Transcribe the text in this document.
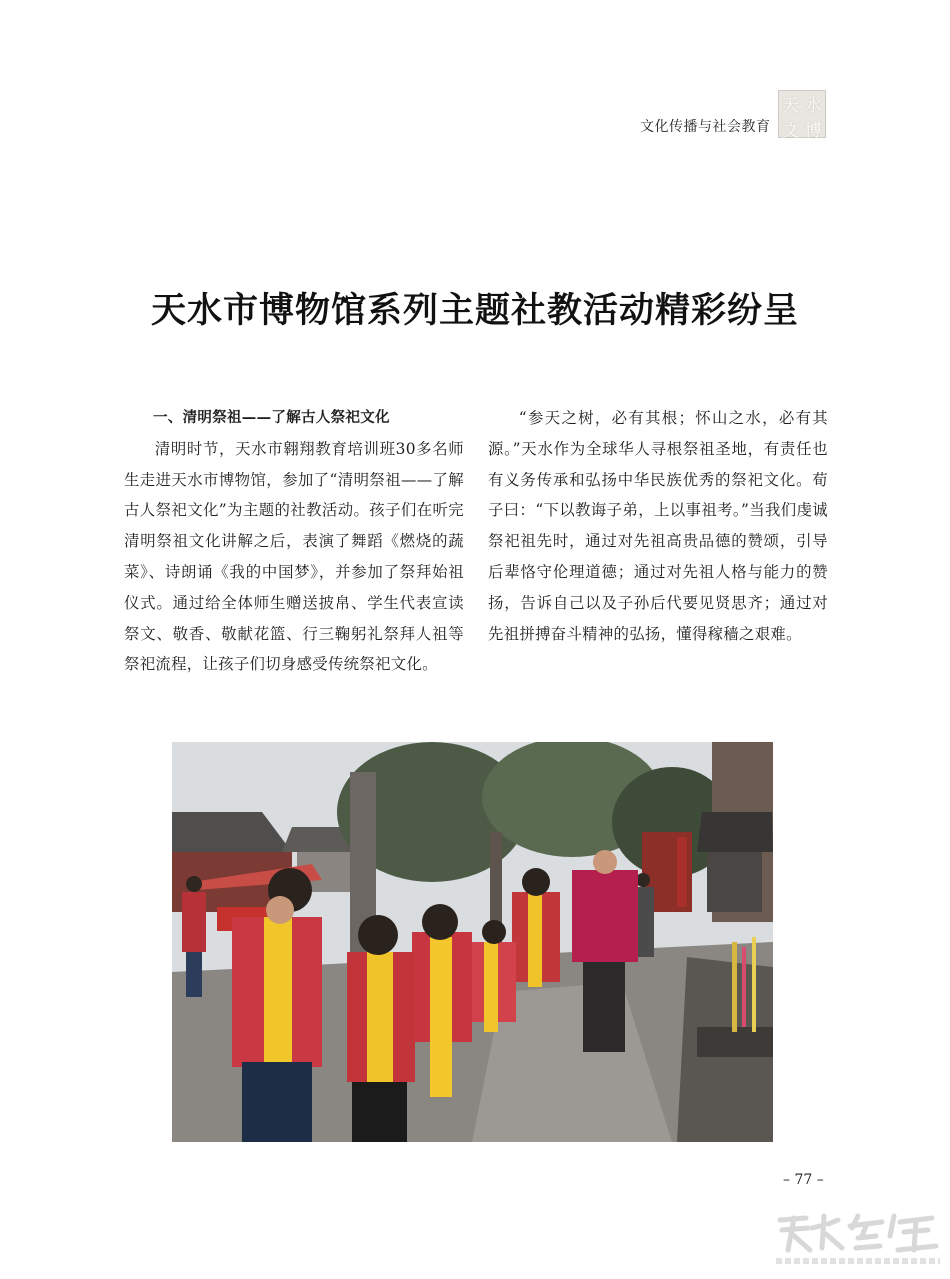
文化传播与社会教育
天 水
文 博
天水市博物馆系列主题社教活动精彩纷呈

一、清明祭祖——了解古人祭祀文化

清明时节，天水市翱翔教育培训班30多名师生走进天水市博物馆，参加了“清明祭祖——了解古人祭祀文化”为主题的社教活动。孩子们在听完清明祭祖文化讲解之后，表演了舞蹈《燃烧的蔬菜》、诗朗诵《我的中国梦》，并参加了祭拜始祖仪式。通过给全体师生赠送披帛、学生代表宣读祭文、敬香、敬献花篮、行三鞠躬礼祭拜人祖等祭祀流程，让孩子们切身感受传统祭祀文化。

“参天之树，必有其根；怀山之水，必有其源。”天水作为全球华人寻根祭祖圣地，有责任也有义务传承和弘扬中华民族优秀的祭祀文化。荀子曰：“下以教诲子弟，上以事祖考。”当我们虔诚祭祀祖先时，通过对先祖高贵品德的赞颂，引导后辈恪守伦理道德；通过对先祖人格与能力的赞扬，告诉自己以及子孙后代要见贤思齐；通过对先祖拼搏奋斗精神的弘扬，懂得稼穑之艰难。

– 77 –
